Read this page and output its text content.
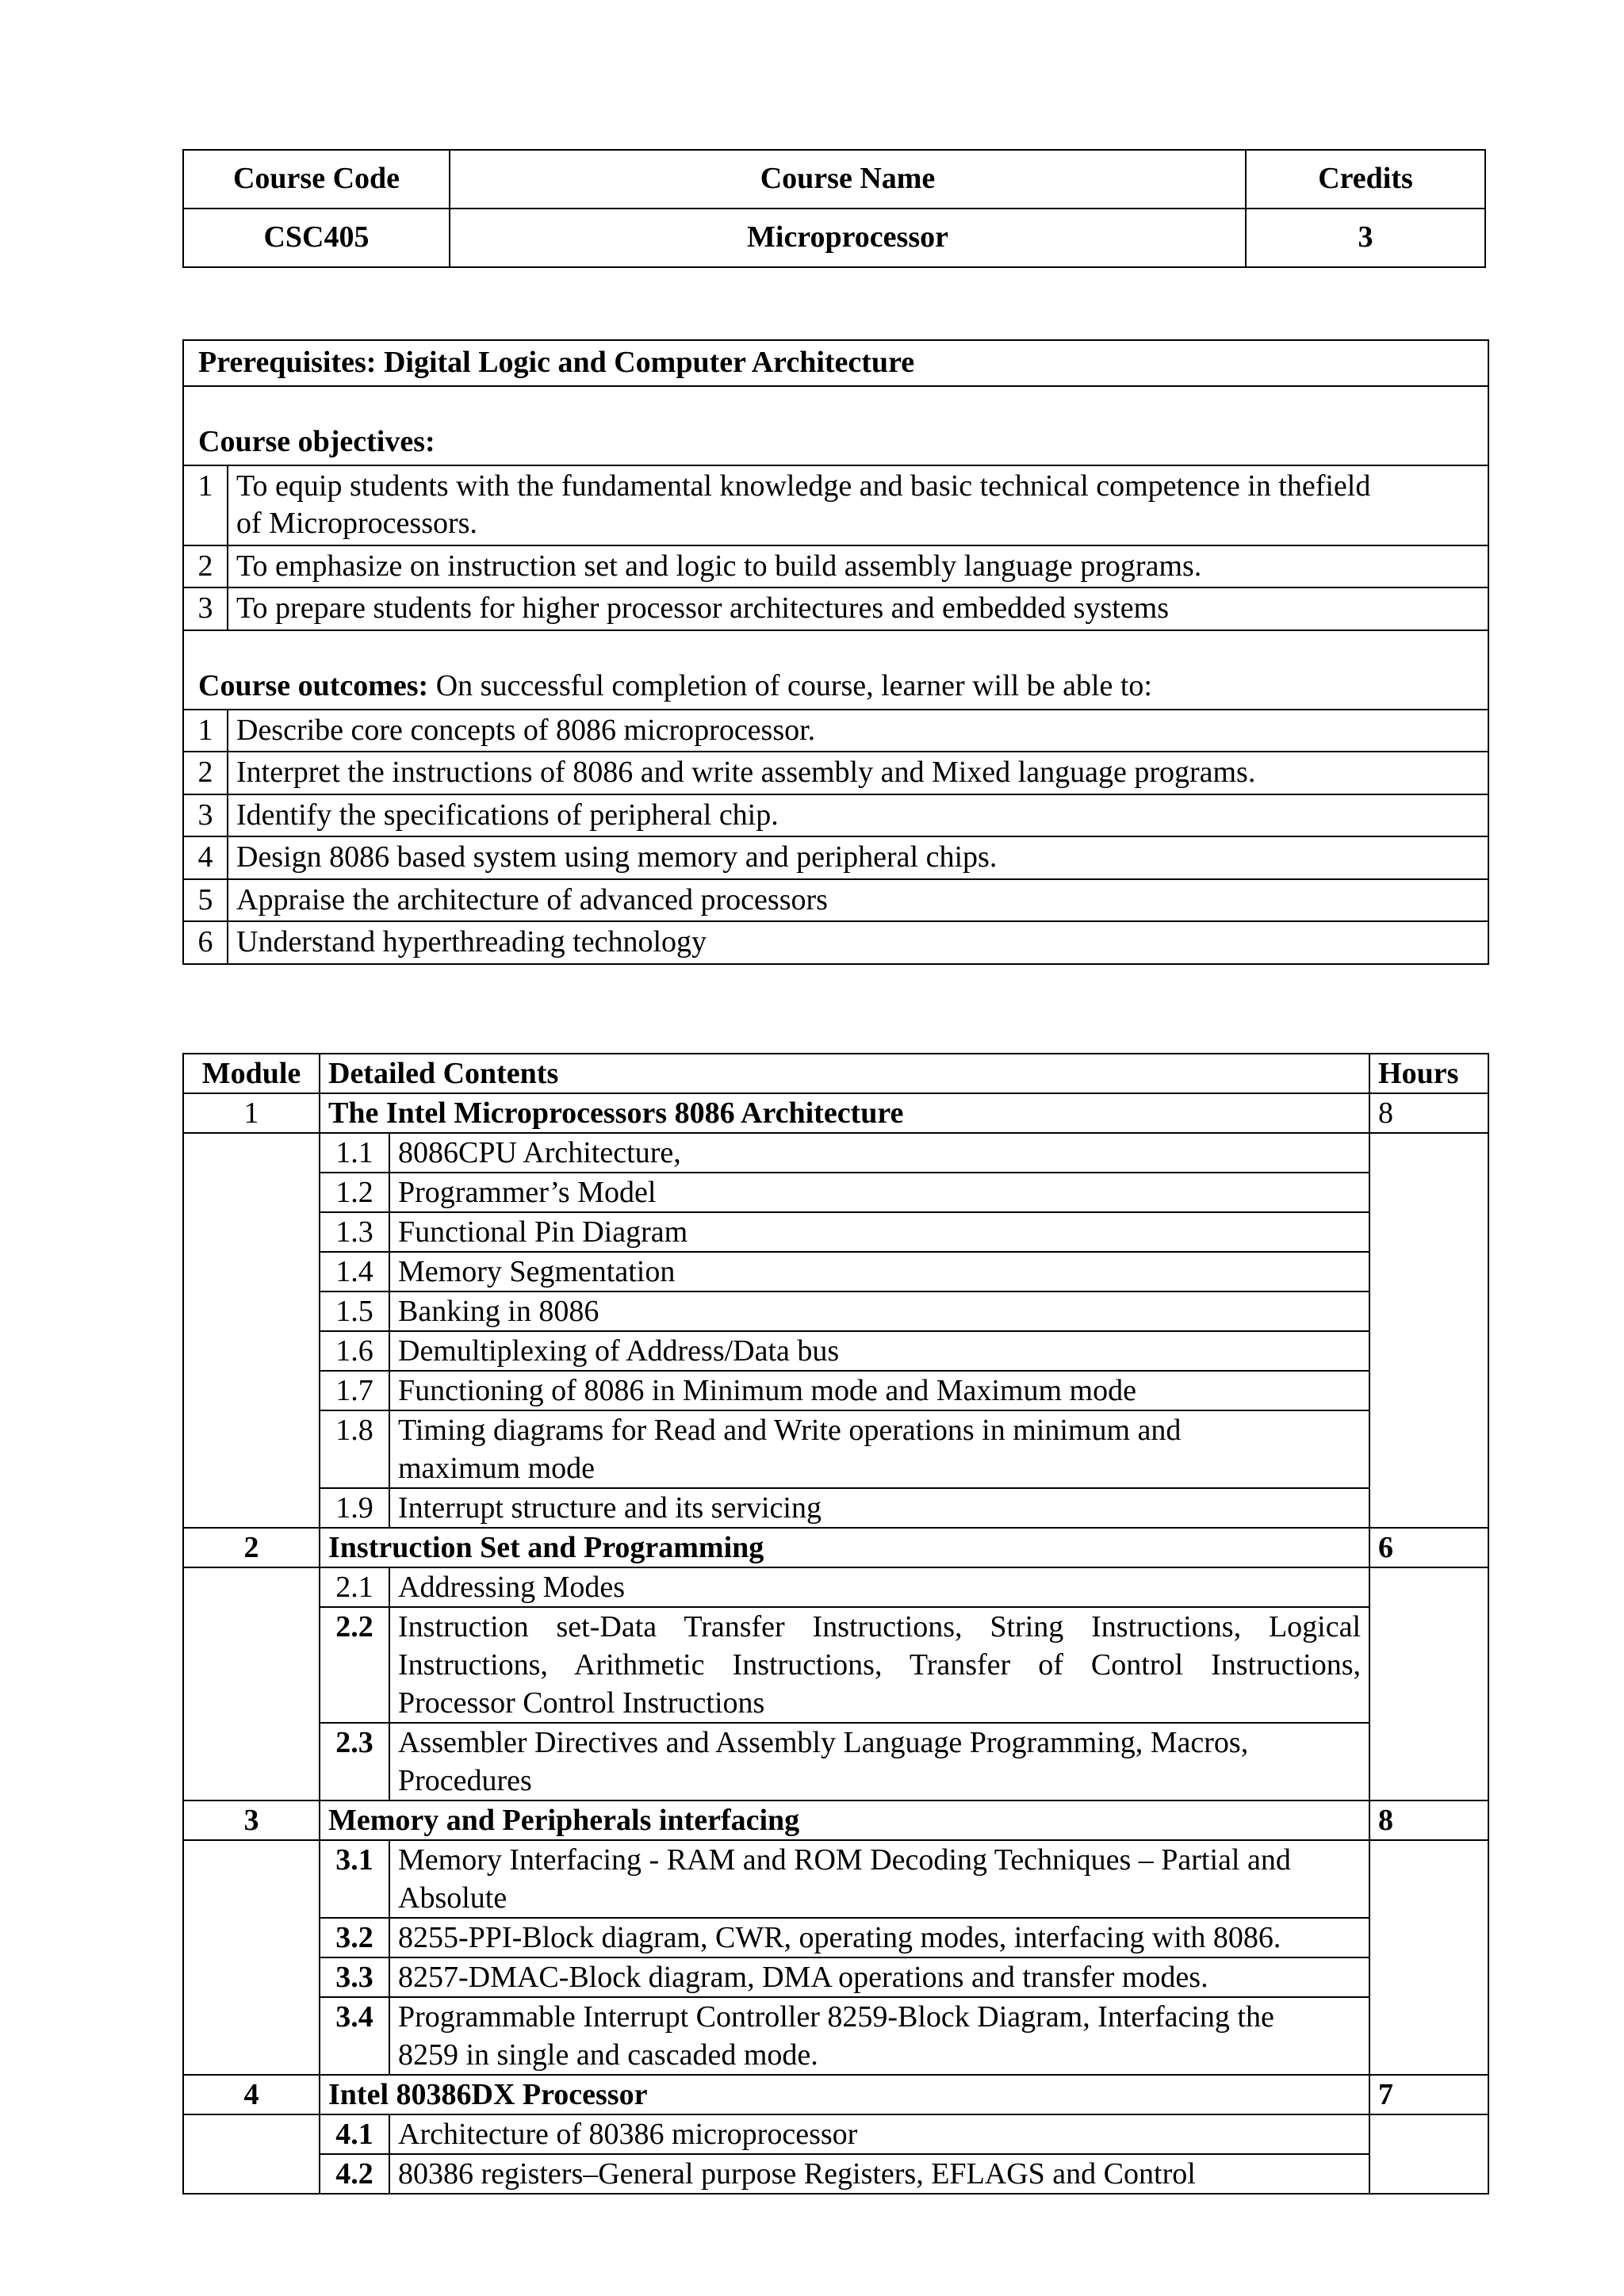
Course Code	Course Name	Credits
CSC405	Microprocessor	3
Prerequisites: Digital Logic and Computer Architecture	
Course objectives:	
1	To equip students with the fundamental knowledge and basic technical competence in thefield of Microprocessors.
2	To emphasize on instruction set and logic to build assembly language programs.
3	To prepare students for higher processor architectures and embedded systems
Course outcomes: On successful completion of course, learner will be able to:	
1	Describe core concepts of 8086 microprocessor.
2	Interpret the instructions of 8086 and write assembly and Mixed language programs.
3	Identify the specifications of peripheral chip.
4	Design 8086 based system using memory and peripheral chips.
5	Appraise the architecture of advanced processors
6	Understand hyperthreading technology
Module	Detailed Contents		Hours
1	The Intel Microprocessors 8086 Architecture		8
	1.1	8086CPU Architecture,	
	1.2	Programmer’s Model	
	1.3	Functional Pin Diagram	
	1.4	Memory Segmentation	
	1.5	Banking in 8086	
	1.6	Demultiplexing of Address/Data bus	
	1.7	Functioning of 8086 in Minimum mode and Maximum mode	
	1.8	Timing diagrams for Read and Write operations in minimum and maximum mode	
	1.9	Interrupt structure and its servicing	
2	Instruction Set and Programming		6
	2.1	Addressing Modes	
	2.2	Instruction set-Data Transfer Instructions, String Instructions, Logical Instructions, Arithmetic Instructions, Transfer of Control Instructions, Processor Control Instructions	
	2.3	Assembler Directives and Assembly Language Programming, Macros, Procedures	
3	Memory and Peripherals interfacing		8
	3.1	Memory Interfacing - RAM and ROM Decoding Techniques – Partial and Absolute	
	3.2	8255-PPI-Block diagram, CWR, operating modes, interfacing with 8086.	
	3.3	8257-DMAC-Block diagram, DMA operations and transfer modes.	
	3.4	Programmable Interrupt Controller 8259-Block Diagram, Interfacing the 8259 in single and cascaded mode.	
4	Intel 80386DX Processor		7
	4.1	Architecture of 80386 microprocessor	
	4.2	80386 registers–General purpose Registers, EFLAGS and Control	
